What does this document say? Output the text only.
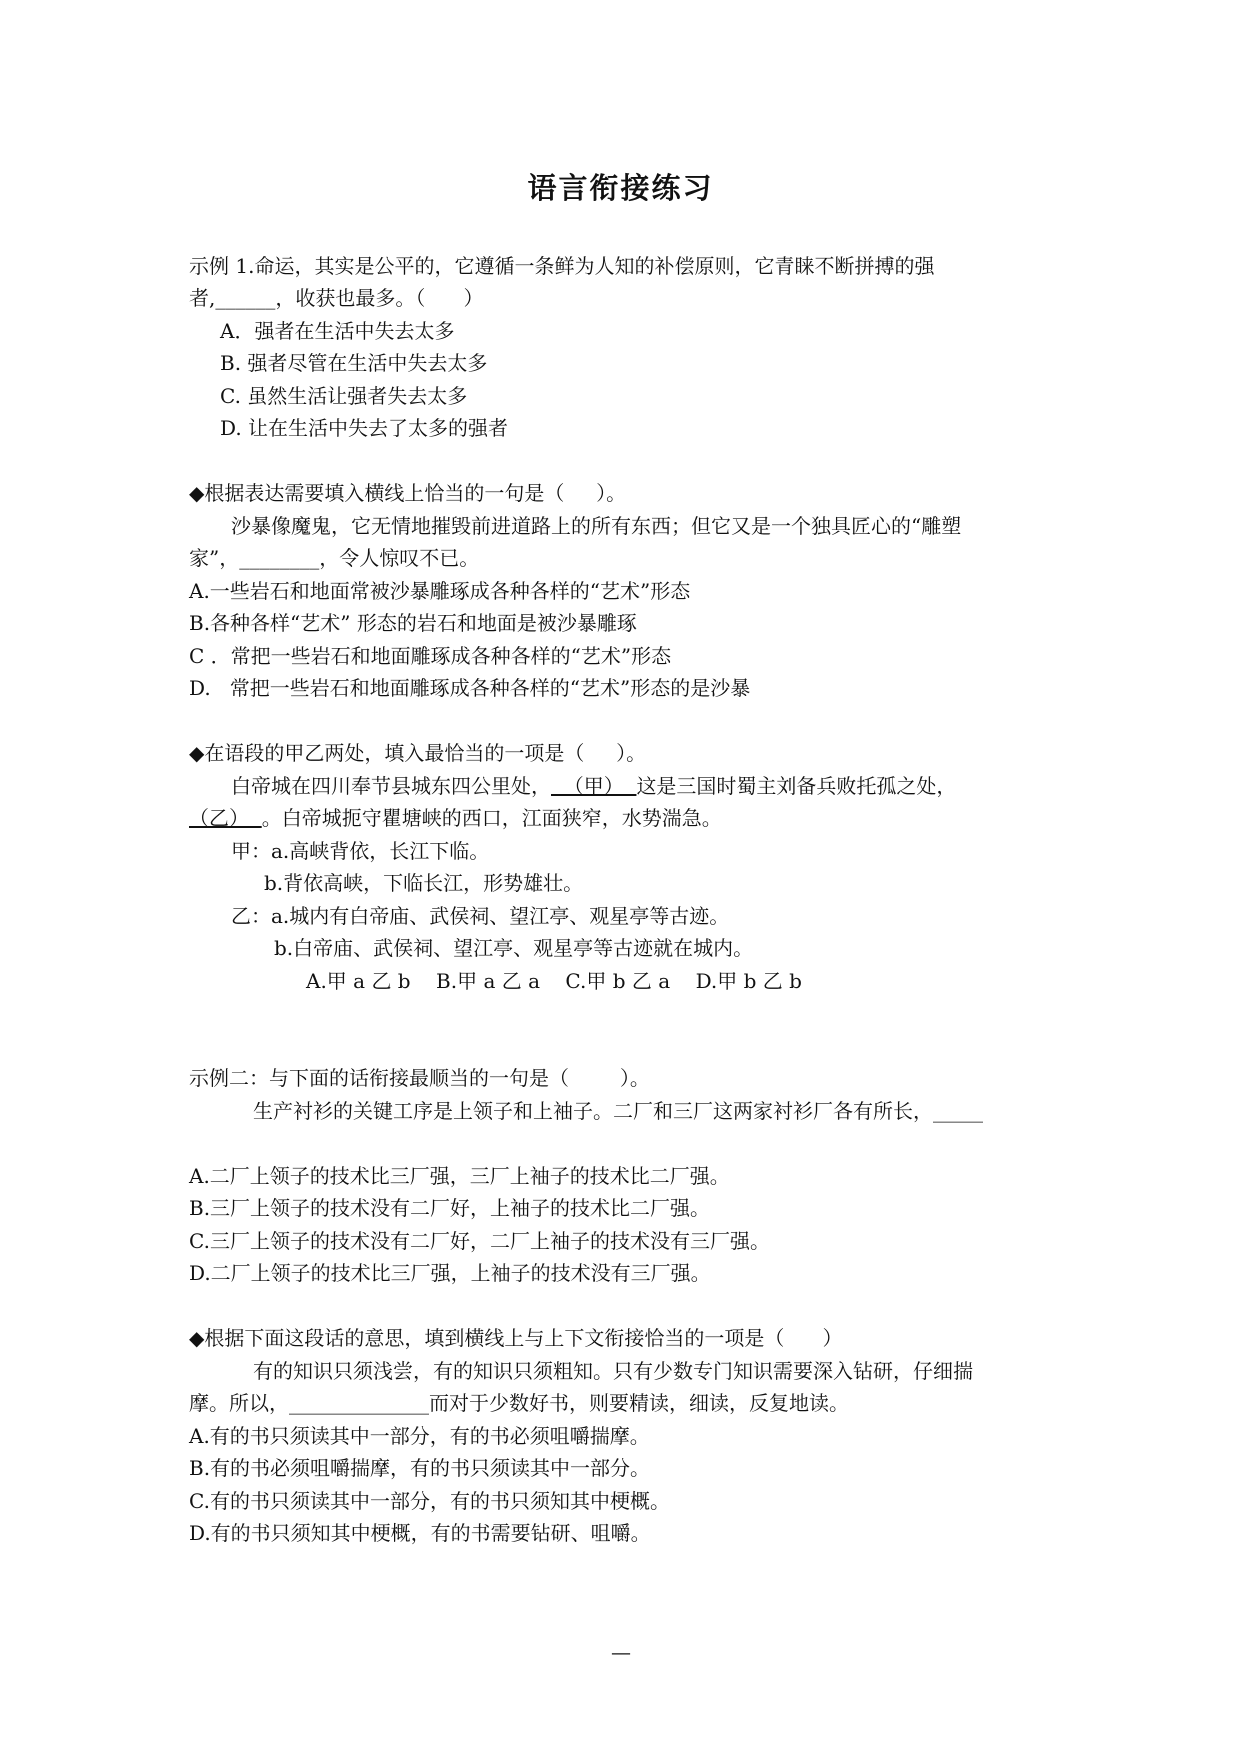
语言衔接练习
示例 1.命运，其实是公平的，它遵循一条鲜为人知的补偿原则，它青睐不断拼搏的强
者,______，收获也最多。（      ）
A．强者在生活中失去太多
B. 强者尽管在生活中失去太多
C. 虽然生活让强者失去太多
D. 让在生活中失去了太多的强者
◆根据表达需要填入横线上恰当的一句是（     ）。
沙暴像魔鬼，它无情地摧毁前进道路上的所有东西；但它又是一个独具匠心的“雕塑
家”，________，令人惊叹不已。
A.一些岩石和地面常被沙暴雕琢成各种各样的“艺术”形态
B.各种各样“艺术” 形态的岩石和地面是被沙暴雕琢
C ．常把一些岩石和地面雕琢成各种各样的“艺术”形态
D.   常把一些岩石和地面雕琢成各种各样的“艺术”形态的是沙暴
◆在语段的甲乙两处，填入最恰当的一项是（     ）。
白帝城在四川奉节县城东四公里处，  （甲）  这是三国时蜀主刘备兵败托孤之处，
（乙）  。白帝城扼守瞿塘峡的西口，江面狭窄，水势湍急。
甲：a.高峡背依，长江下临。
b.背依高峡，下临长江，形势雄壮。
乙：a.城内有白帝庙、武侯祠、望江亭、观星亭等古迹。
b.白帝庙、武侯祠、望江亭、观星亭等古迹就在城内。
A.甲 a 乙 b    B.甲 a 乙 a    C.甲 b 乙 a    D.甲 b 乙 b
示例二：与下面的话衔接最顺当的一句是（        ）。
生产衬衫的关键工序是上领子和上袖子。二厂和三厂这两家衬衫厂各有所长，_____
A.二厂上领子的技术比三厂强，三厂上袖子的技术比二厂强。
B.三厂上领子的技术没有二厂好，上袖子的技术比二厂强。
C.三厂上领子的技术没有二厂好，二厂上袖子的技术没有三厂强。
D.二厂上领子的技术比三厂强，上袖子的技术没有三厂强。
◆根据下面这段话的意思，填到横线上与上下文衔接恰当的一项是（      ）
有的知识只须浅尝，有的知识只须粗知。只有少数专门知识需要深入钻研，仔细揣
摩。所以，______________而对于少数好书，则要精读，细读，反复地读。
A.有的书只须读其中一部分，有的书必须咀嚼揣摩。
B.有的书必须咀嚼揣摩，有的书只须读其中一部分。
C.有的书只须读其中一部分，有的书只须知其中梗概。
D.有的书只须知其中梗概，有的书需要钻研、咀嚼。
—
